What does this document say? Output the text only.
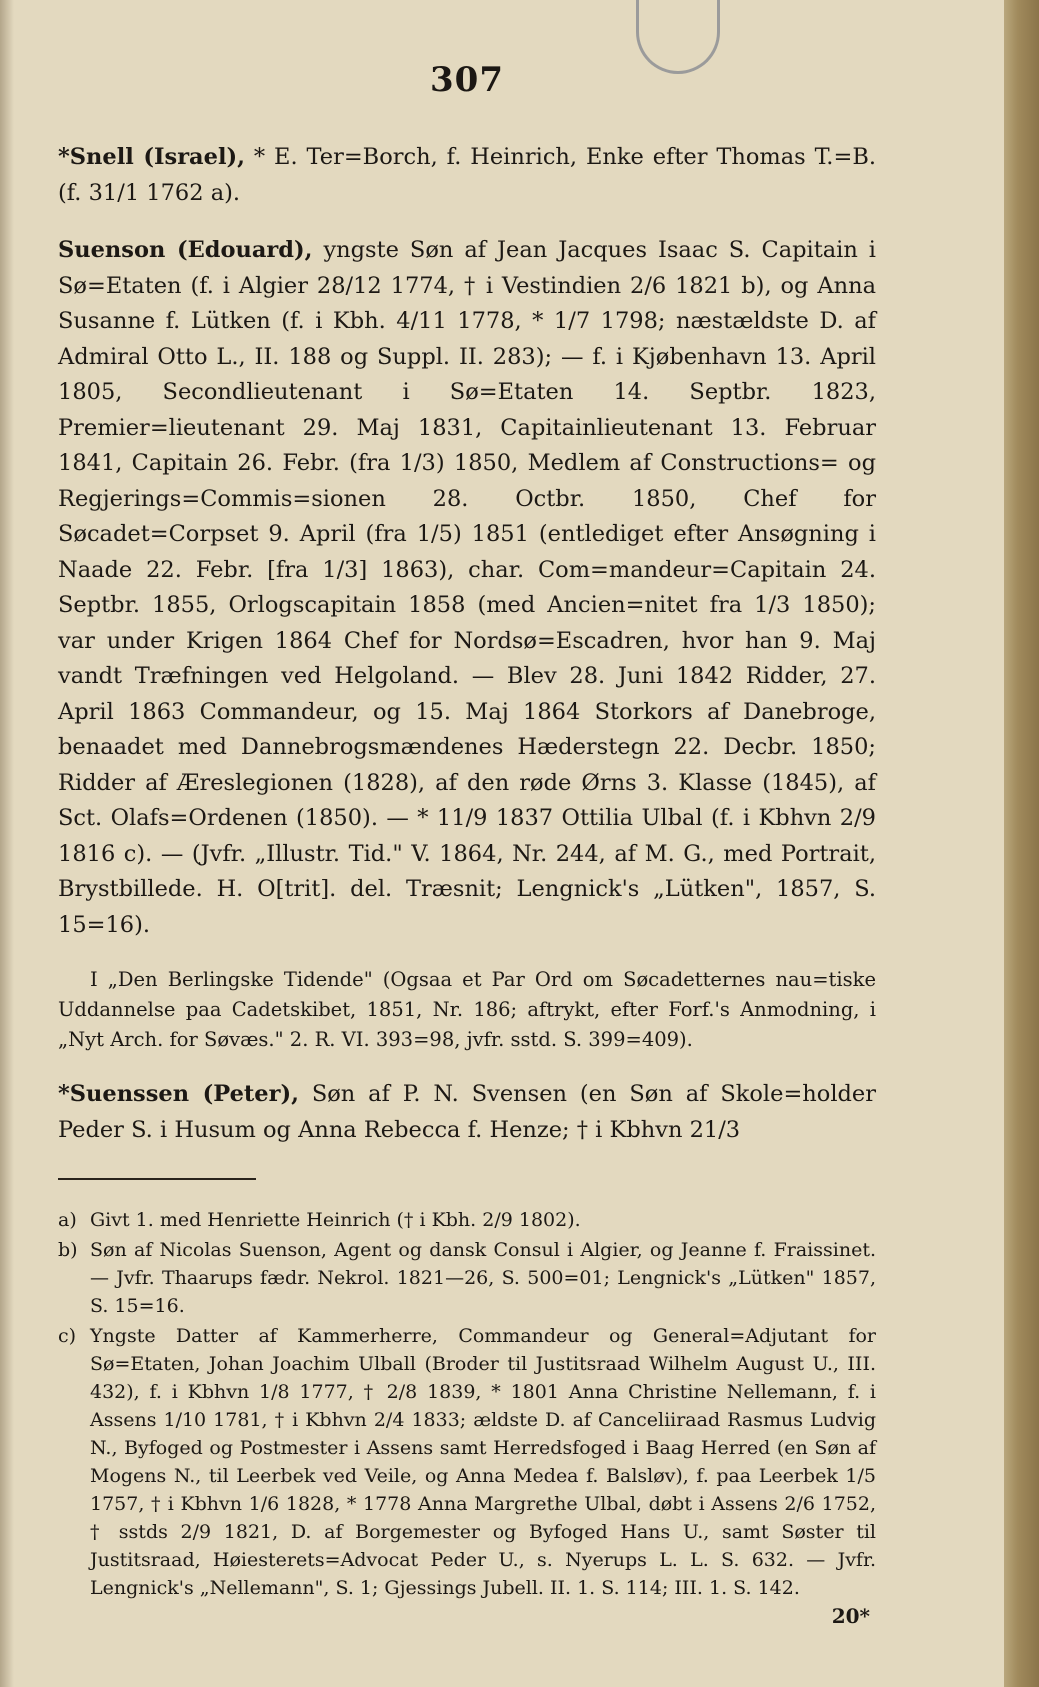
307

*Snell (Israel), * E. Ter=Borch, f. Heinrich, Enke efter Thomas T.=B. (f. 31/1 1762 a).

Suenson (Edouard), yngste Søn af Jean Jacques Isaac S. Capitain i Sø=Etaten (f. i Algier 28/12 1774, † i Vestindien 2/6 1821 b), og Anna Susanne f. Lütken (f. i Kbh. 4/11 1778, * 1/7 1798; næstældste D. af Admiral Otto L., II. 188 og Suppl. II. 283); — f. i Kjøbenhavn 13. April 1805, Secondlieutenant i Sø=Etaten 14. Septbr. 1823, Premier=lieutenant 29. Maj 1831, Capitainlieutenant 13. Februar 1841, Capitain 26. Febr. (fra 1/3) 1850, Medlem af Constructions= og Regjerings=Commis=sionen 28. Octbr. 1850, Chef for Søcadet=Corpset 9. April (fra 1/5) 1851 (entlediget efter Ansøgning i Naade 22. Febr. [fra 1/3] 1863), char. Com=mandeur=Capitain 24. Septbr. 1855, Orlogscapitain 1858 (med Ancien=nitet fra 1/3 1850); var under Krigen 1864 Chef for Nordsø=Escadren, hvor han 9. Maj vandt Træfningen ved Helgoland. — Blev 28. Juni 1842 Ridder, 27. April 1863 Commandeur, og 15. Maj 1864 Storkors af Danebroge, benaadet med Dannebrogsmændenes Hæderstegn 22. Decbr. 1850; Ridder af Æreslegionen (1828), af den røde Ørns 3. Klasse (1845), af Sct. Olafs=Ordenen (1850). — * 11/9 1837 Ottilia Ulbal (f. i Kbhvn 2/9 1816 c). — (Jvfr. „Illustr. Tid." V. 1864, Nr. 244, af M. G., med Portrait, Brystbillede. H. O[trit]. del. Træsnit; Lengnick's „Lütken", 1857, S. 15=16).

I „Den Berlingske Tidende" (Ogsaa et Par Ord om Søcadetternes nau=tiske Uddannelse paa Cadetskibet, 1851, Nr. 186; aftrykt, efter Forf.'s Anmodning, i „Nyt Arch. for Søvæs." 2. R. VI. 393=98, jvfr. sstd. S. 399=409).

*Suenssen (Peter), Søn af P. N. Svensen (en Søn af Skole=holder Peder S. i Husum og Anna Rebecca f. Henze; † i Kbhvn 21/3

a) Givt 1. med Henriette Heinrich († i Kbh. 2/9 1802).
b) Søn af Nicolas Suenson, Agent og dansk Consul i Algier, og Jeanne f. Fraissinet. — Jvfr. Thaarups fædr. Nekrol. 1821—26, S. 500=01; Lengnick's „Lütken" 1857, S. 15=16.
c) Yngste Datter af Kammerherre, Commandeur og General=Adjutant for Sø=Etaten, Johan Joachim Ulball (Broder til Justitsraad Wilhelm August U., III. 432), f. i Kbhvn 1/8 1777, † 2/8 1839, * 1801 Anna Christine Nellemann, f. i Assens 1/10 1781, † i Kbhvn 2/4 1833; ældste D. af Canceliiraad Rasmus Ludvig N., Byfoged og Postmester i Assens samt Herredsfoged i Baag Herred (en Søn af Mogens N., til Leerbek ved Veile, og Anna Medea f. Balsløv), f. paa Leerbek 1/5 1757, † i Kbhvn 1/6 1828, * 1778 Anna Margrethe Ulbal, døbt i Assens 2/6 1752, † sstds 2/9 1821, D. af Borgemester og Byfoged Hans U., samt Søster til Justitsraad, Høiesterets=Advocat Peder U., s. Nyerups L. L. S. 632. — Jvfr. Lengnick's „Nellemann", S. 1; Gjessings Jubell. II. 1. S. 114; III. 1. S. 142.
20*
